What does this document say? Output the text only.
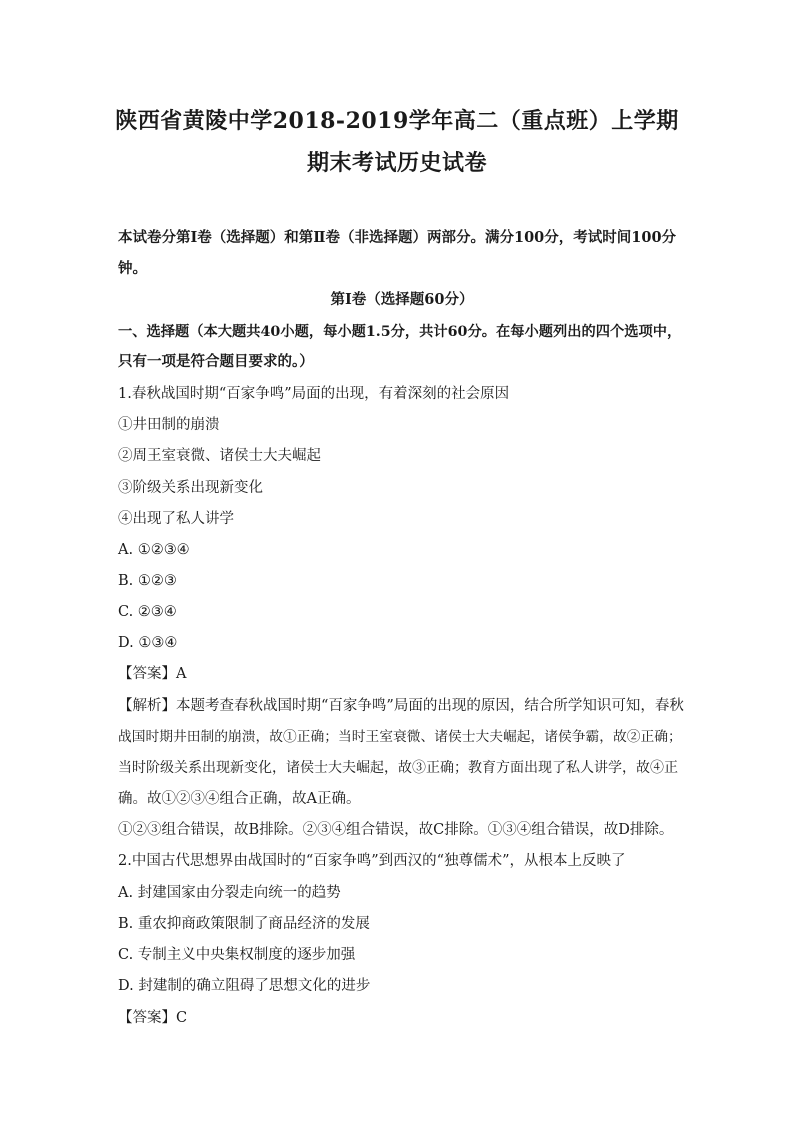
陕西省黄陵中学2018-2019学年高二（重点班）上学期
期末考试历史试卷
本试卷分第Ⅰ卷（选择题）和第Ⅱ卷（非选择题）两部分。满分100分，考试时间100分
钟。
第Ⅰ卷（选择题60分）
一、选择题（本大题共40小题，每小题1.5分，共计60分。在每小题列出的四个选项中，
只有一项是符合题目要求的。）
1.春秋战国时期“百家争鸣”局面的出现，有着深刻的社会原因
①井田制的崩溃
②周王室衰微、诸侯士大夫崛起
③阶级关系出现新变化
④出现了私人讲学
A. ①②③④
B. ①②③
C. ②③④
D. ①③④
【答案】A
【解析】本题考查春秋战国时期“百家争鸣”局面的出现的原因，结合所学知识可知，春秋
战国时期井田制的崩溃，故①正确；当时王室衰微、诸侯士大夫崛起，诸侯争霸，故②正确；
当时阶级关系出现新变化，诸侯士大夫崛起，故③正确；教育方面出现了私人讲学，故④正
确。故①②③④组合正确，故A正确。
①②③组合错误，故B排除。②③④组合错误，故C排除。①③④组合错误，故D排除。
2.中国古代思想界由战国时的“百家争鸣”到西汉的“独尊儒术”，从根本上反映了
A. 封建国家由分裂走向统一的趋势
B. 重农抑商政策限制了商品经济的发展
C. 专制主义中央集权制度的逐步加强
D. 封建制的确立阻碍了思想文化的进步
【答案】C
